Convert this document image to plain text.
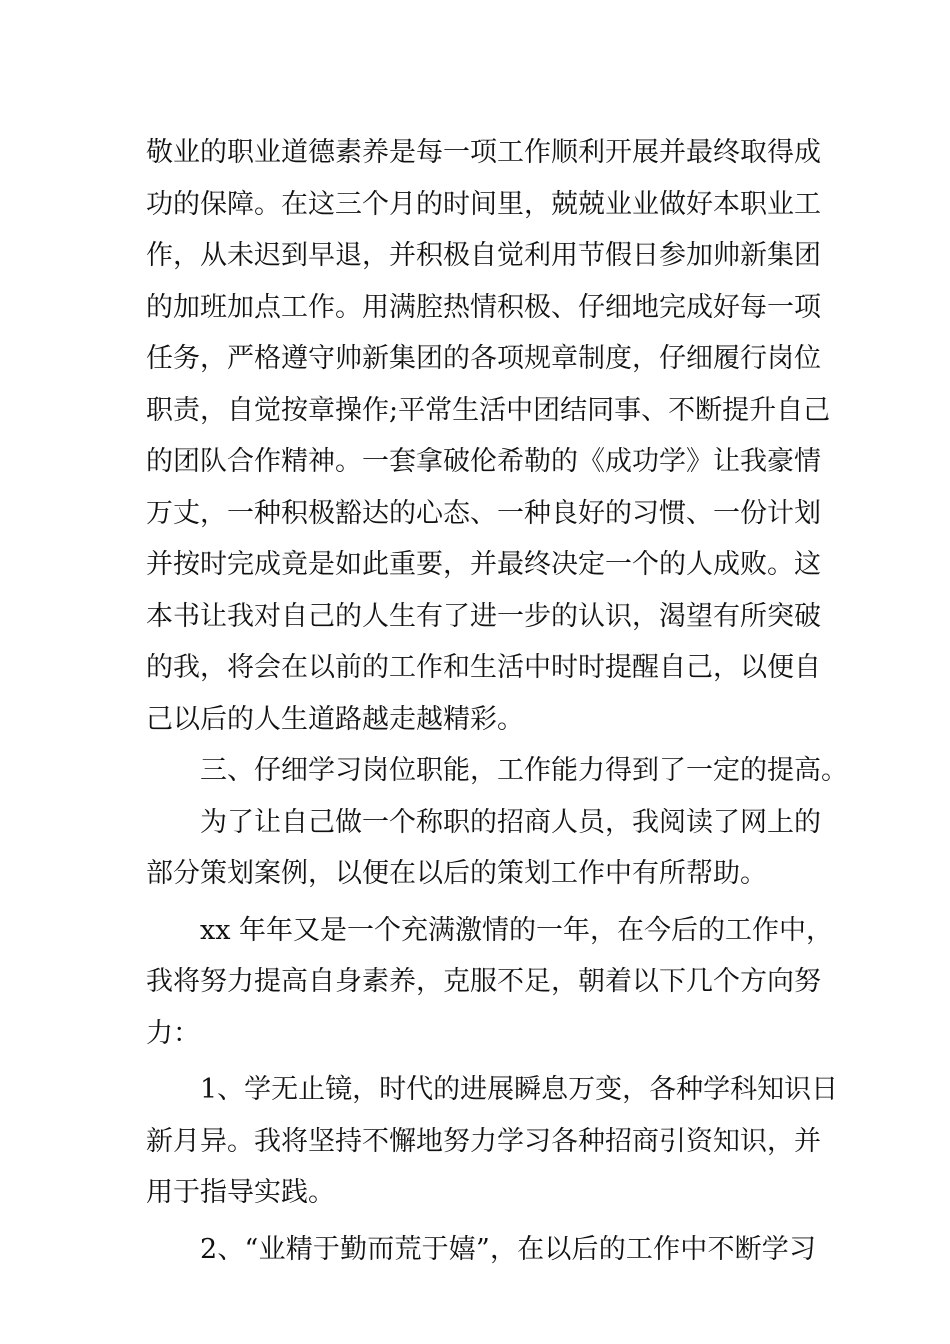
敬业的职业道德素养是每一项工作顺利开展并最终取得成
功的保障。在这三个月的时间里，兢兢业业做好本职业工
作，从未迟到早退，并积极自觉利用节假日参加帅新集团
的加班加点工作。用满腔热情积极、仔细地完成好每一项
任务，严格遵守帅新集团的各项规章制度，仔细履行岗位
职责，自觉按章操作;平常生活中团结同事、不断提升自己
的团队合作精神。一套拿破伦希勒的《成功学》让我豪情
万丈，一种积极豁达的心态、一种良好的习惯、一份计划
并按时完成竟是如此重要，并最终决定一个的人成败。这
本书让我对自己的人生有了进一步的认识，渴望有所突破
的我，将会在以前的工作和生活中时时提醒自己，以便自
己以后的人生道路越走越精彩。
三、仔细学习岗位职能，工作能力得到了一定的提高。
为了让自己做一个称职的招商人员，我阅读了网上的
部分策划案例，以便在以后的策划工作中有所帮助。
xx 年年又是一个充满激情的一年，在今后的工作中，
我将努力提高自身素养，克服不足，朝着以下几个方向努
力：
1、学无止镜，时代的进展瞬息万变，各种学科知识日
新月异。我将坚持不懈地努力学习各种招商引资知识，并
用于指导实践。
2、“业精于勤而荒于嬉”，在以后的工作中不断学习
